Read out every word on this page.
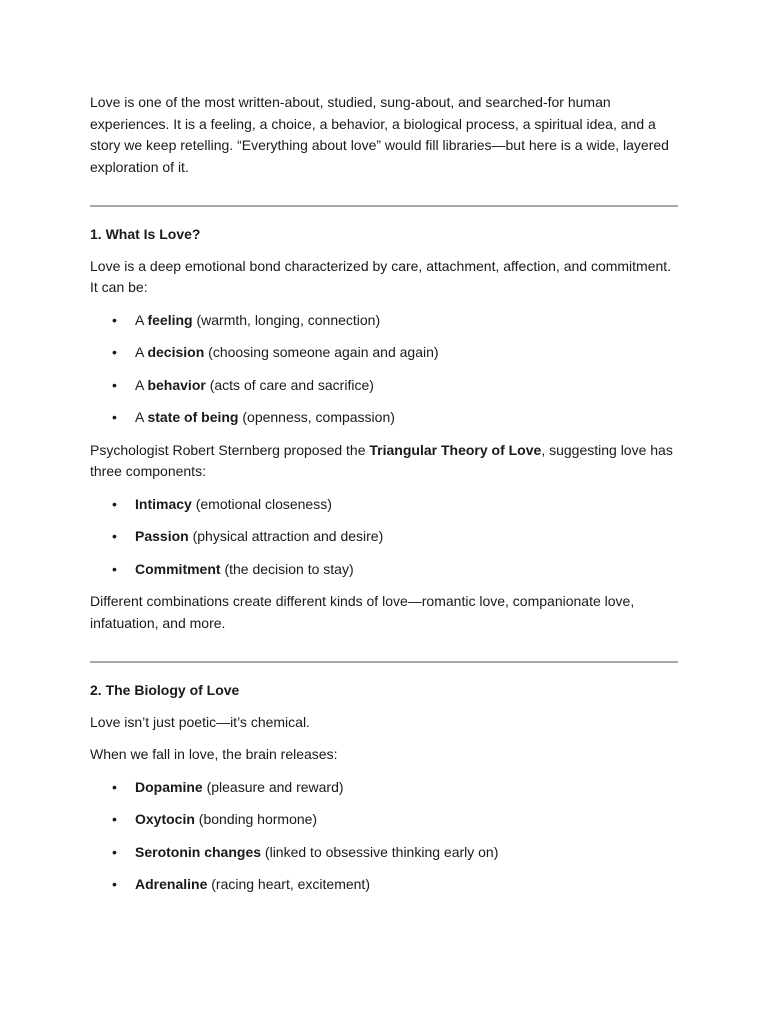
Love is one of the most written-about, studied, sung-about, and searched-for human experiences. It is a feeling, a choice, a behavior, a biological process, a spiritual idea, and a story we keep retelling. “Everything about love” would fill libraries—but here is a wide, layered exploration of it.

1. What Is Love?

Love is a deep emotional bond characterized by care, attachment, affection, and commitment. It can be:

• A feeling (warmth, longing, connection)
• A decision (choosing someone again and again)
• A behavior (acts of care and sacrifice)
• A state of being (openness, compassion)

Psychologist Robert Sternberg proposed the Triangular Theory of Love, suggesting love has three components:

• Intimacy (emotional closeness)
• Passion (physical attraction and desire)
• Commitment (the decision to stay)

Different combinations create different kinds of love—romantic love, companionate love, infatuation, and more.

2. The Biology of Love

Love isn’t just poetic—it’s chemical.

When we fall in love, the brain releases:

• Dopamine (pleasure and reward)
• Oxytocin (bonding hormone)
• Serotonin changes (linked to obsessive thinking early on)
• Adrenaline (racing heart, excitement)
